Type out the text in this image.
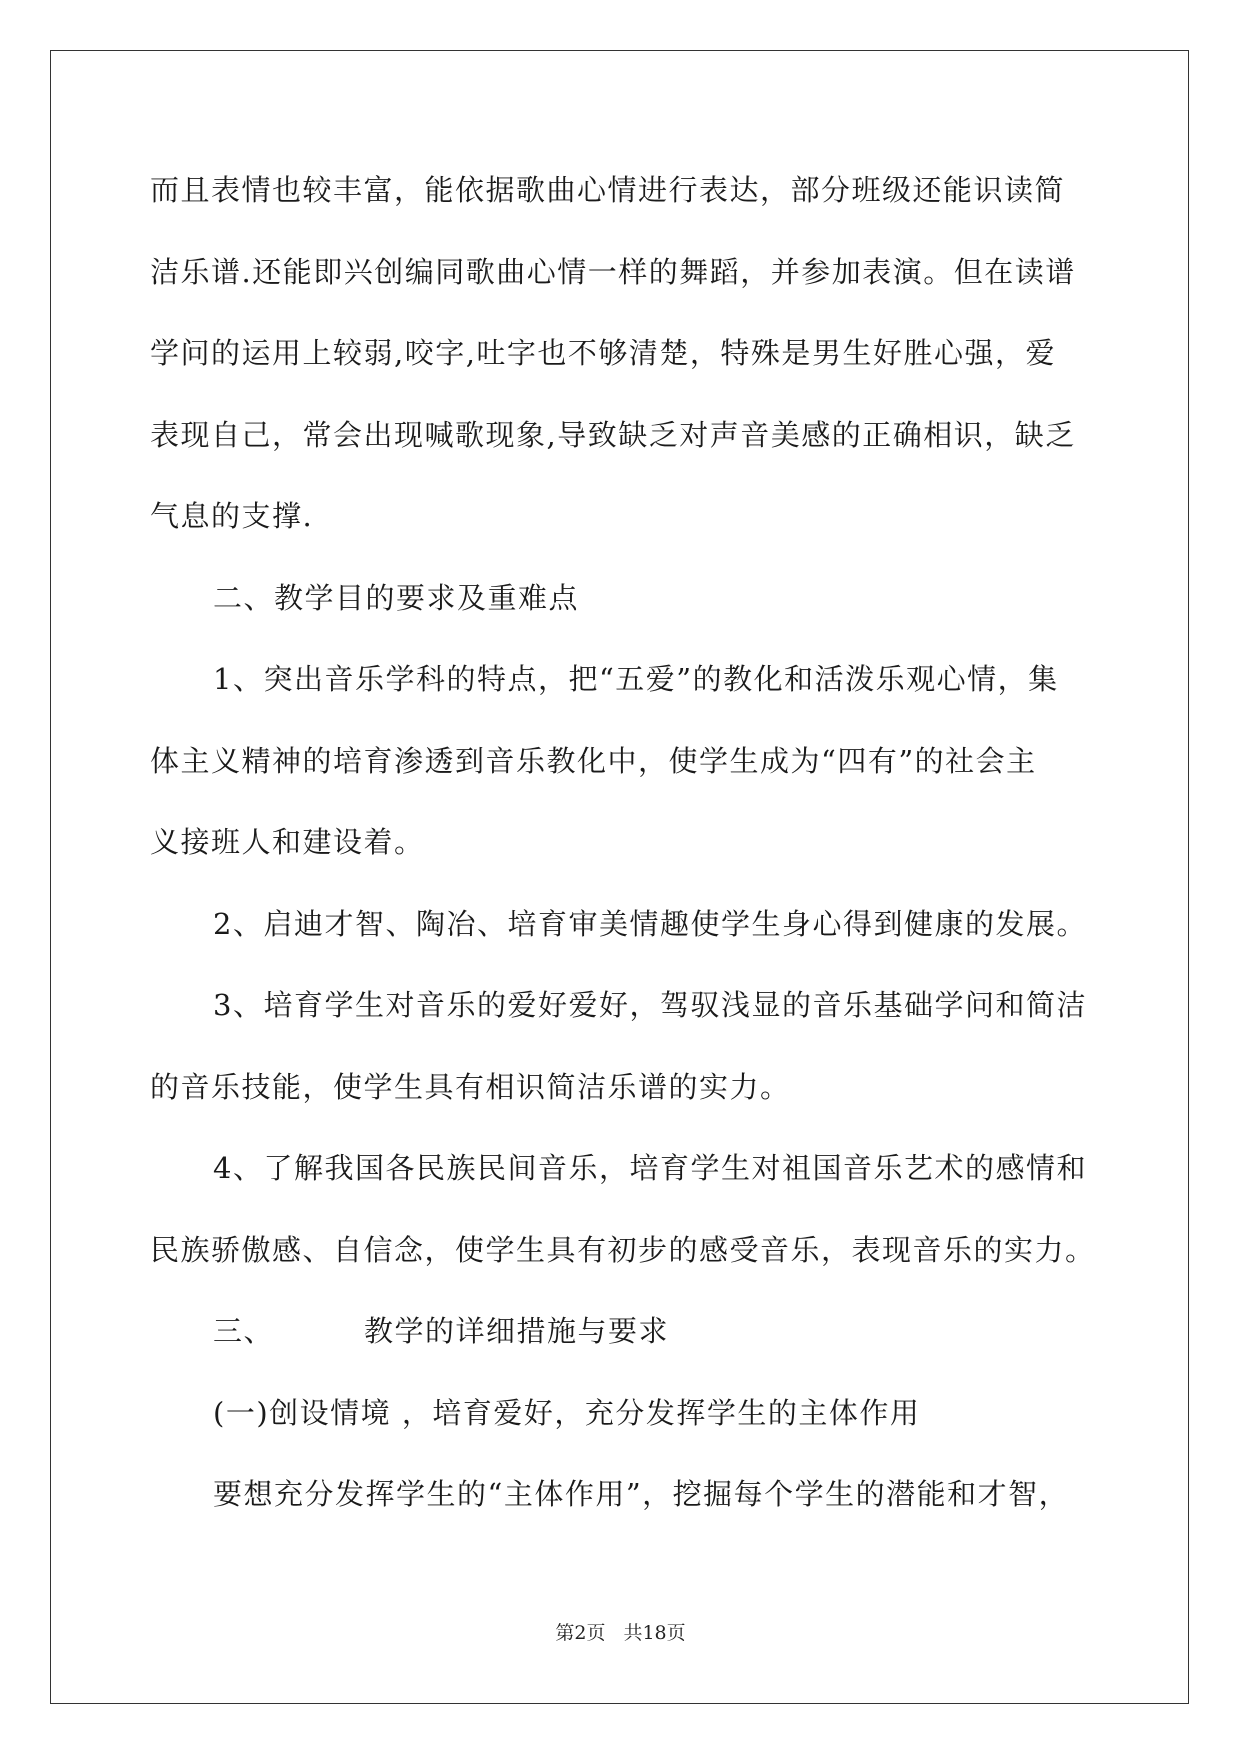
而且表情也较丰富，能依据歌曲心情进行表达，部分班级还能识读简
洁乐谱.还能即兴创编同歌曲心情一样的舞蹈，并参加表演。但在读谱
学问的运用上较弱,咬字,吐字也不够清楚，特殊是男生好胜心强，爱
表现自己，常会出现喊歌现象,导致缺乏对声音美感的正确相识，缺乏
气息的支撑.
二、教学目的要求及重难点
1、突出音乐学科的特点，把“五爱”的教化和活泼乐观心情，集
体主义精神的培育渗透到音乐教化中，使学生成为“四有”的社会主
义接班人和建设着。
2、启迪才智、陶冶、培育审美情趣使学生身心得到健康的发展。
3、培育学生对音乐的爱好爱好，驾驭浅显的音乐基础学问和简洁
的音乐技能，使学生具有相识简洁乐谱的实力。
4、了解我国各民族民间音乐，培育学生对祖国音乐艺术的感情和
民族骄傲感、自信念，使学生具有初步的感受音乐，表现音乐的实力。
三、	教学的详细措施与要求
(一)创设情境 ，培育爱好，充分发挥学生的主体作用
要想充分发挥学生的“主体作用”，挖掘每个学生的潜能和才智，
第2页 共18页
